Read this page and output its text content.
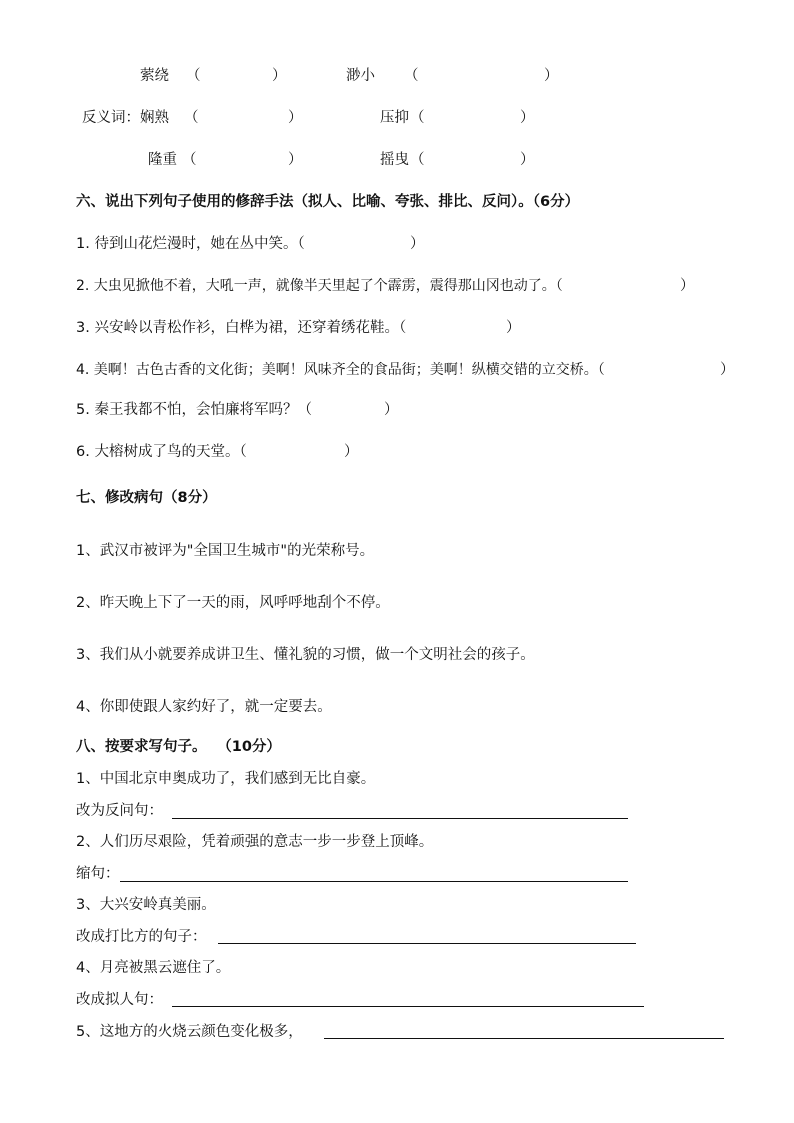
萦绕 （	）	渺小 （	）
反义词： 娴熟 （	）	压抑 （	）
隆重 （	）	摇曳 （	）
六、说出下列句子使用的修辞手法（拟人、比喻、夸张、排比、反问）。（6分）
1. 待到山花烂漫时，她在丛中笑。（	）
2. 大虫见掀他不着，大吼一声，就像半天里起了个霹雳，震得那山冈也动了。（	）
3. 兴安岭以青松作衫，白桦为裙，还穿着绣花鞋。（	）
4. 美啊！古色古香的文化街；美啊！风味齐全的食品街；美啊！纵横交错的立交桥。（	）
5. 秦王我都不怕，会怕廉将军吗？（	）
6. 大榕树成了鸟的天堂。（	）
七、修改病句（8分）
1、武汉市被评为"全国卫生城市"的光荣称号。
2、昨天晚上下了一天的雨，风呼呼地刮个不停。
3、我们从小就要养成讲卫生、懂礼貌的习惯，做一个文明社会的孩子。
4、你即使跟人家约好了，就一定要去。
八、按要求写句子。 （10分）
1、中国北京申奥成功了，我们感到无比自豪。
改为反问句：
2、人们历尽艰险，凭着顽强的意志一步一步登上顶峰。
缩句：
3、大兴安岭真美丽。
改成打比方的句子：
4、月亮被黑云遮住了。
改成拟人句：
5、这地方的火烧云颜色变化极多，
